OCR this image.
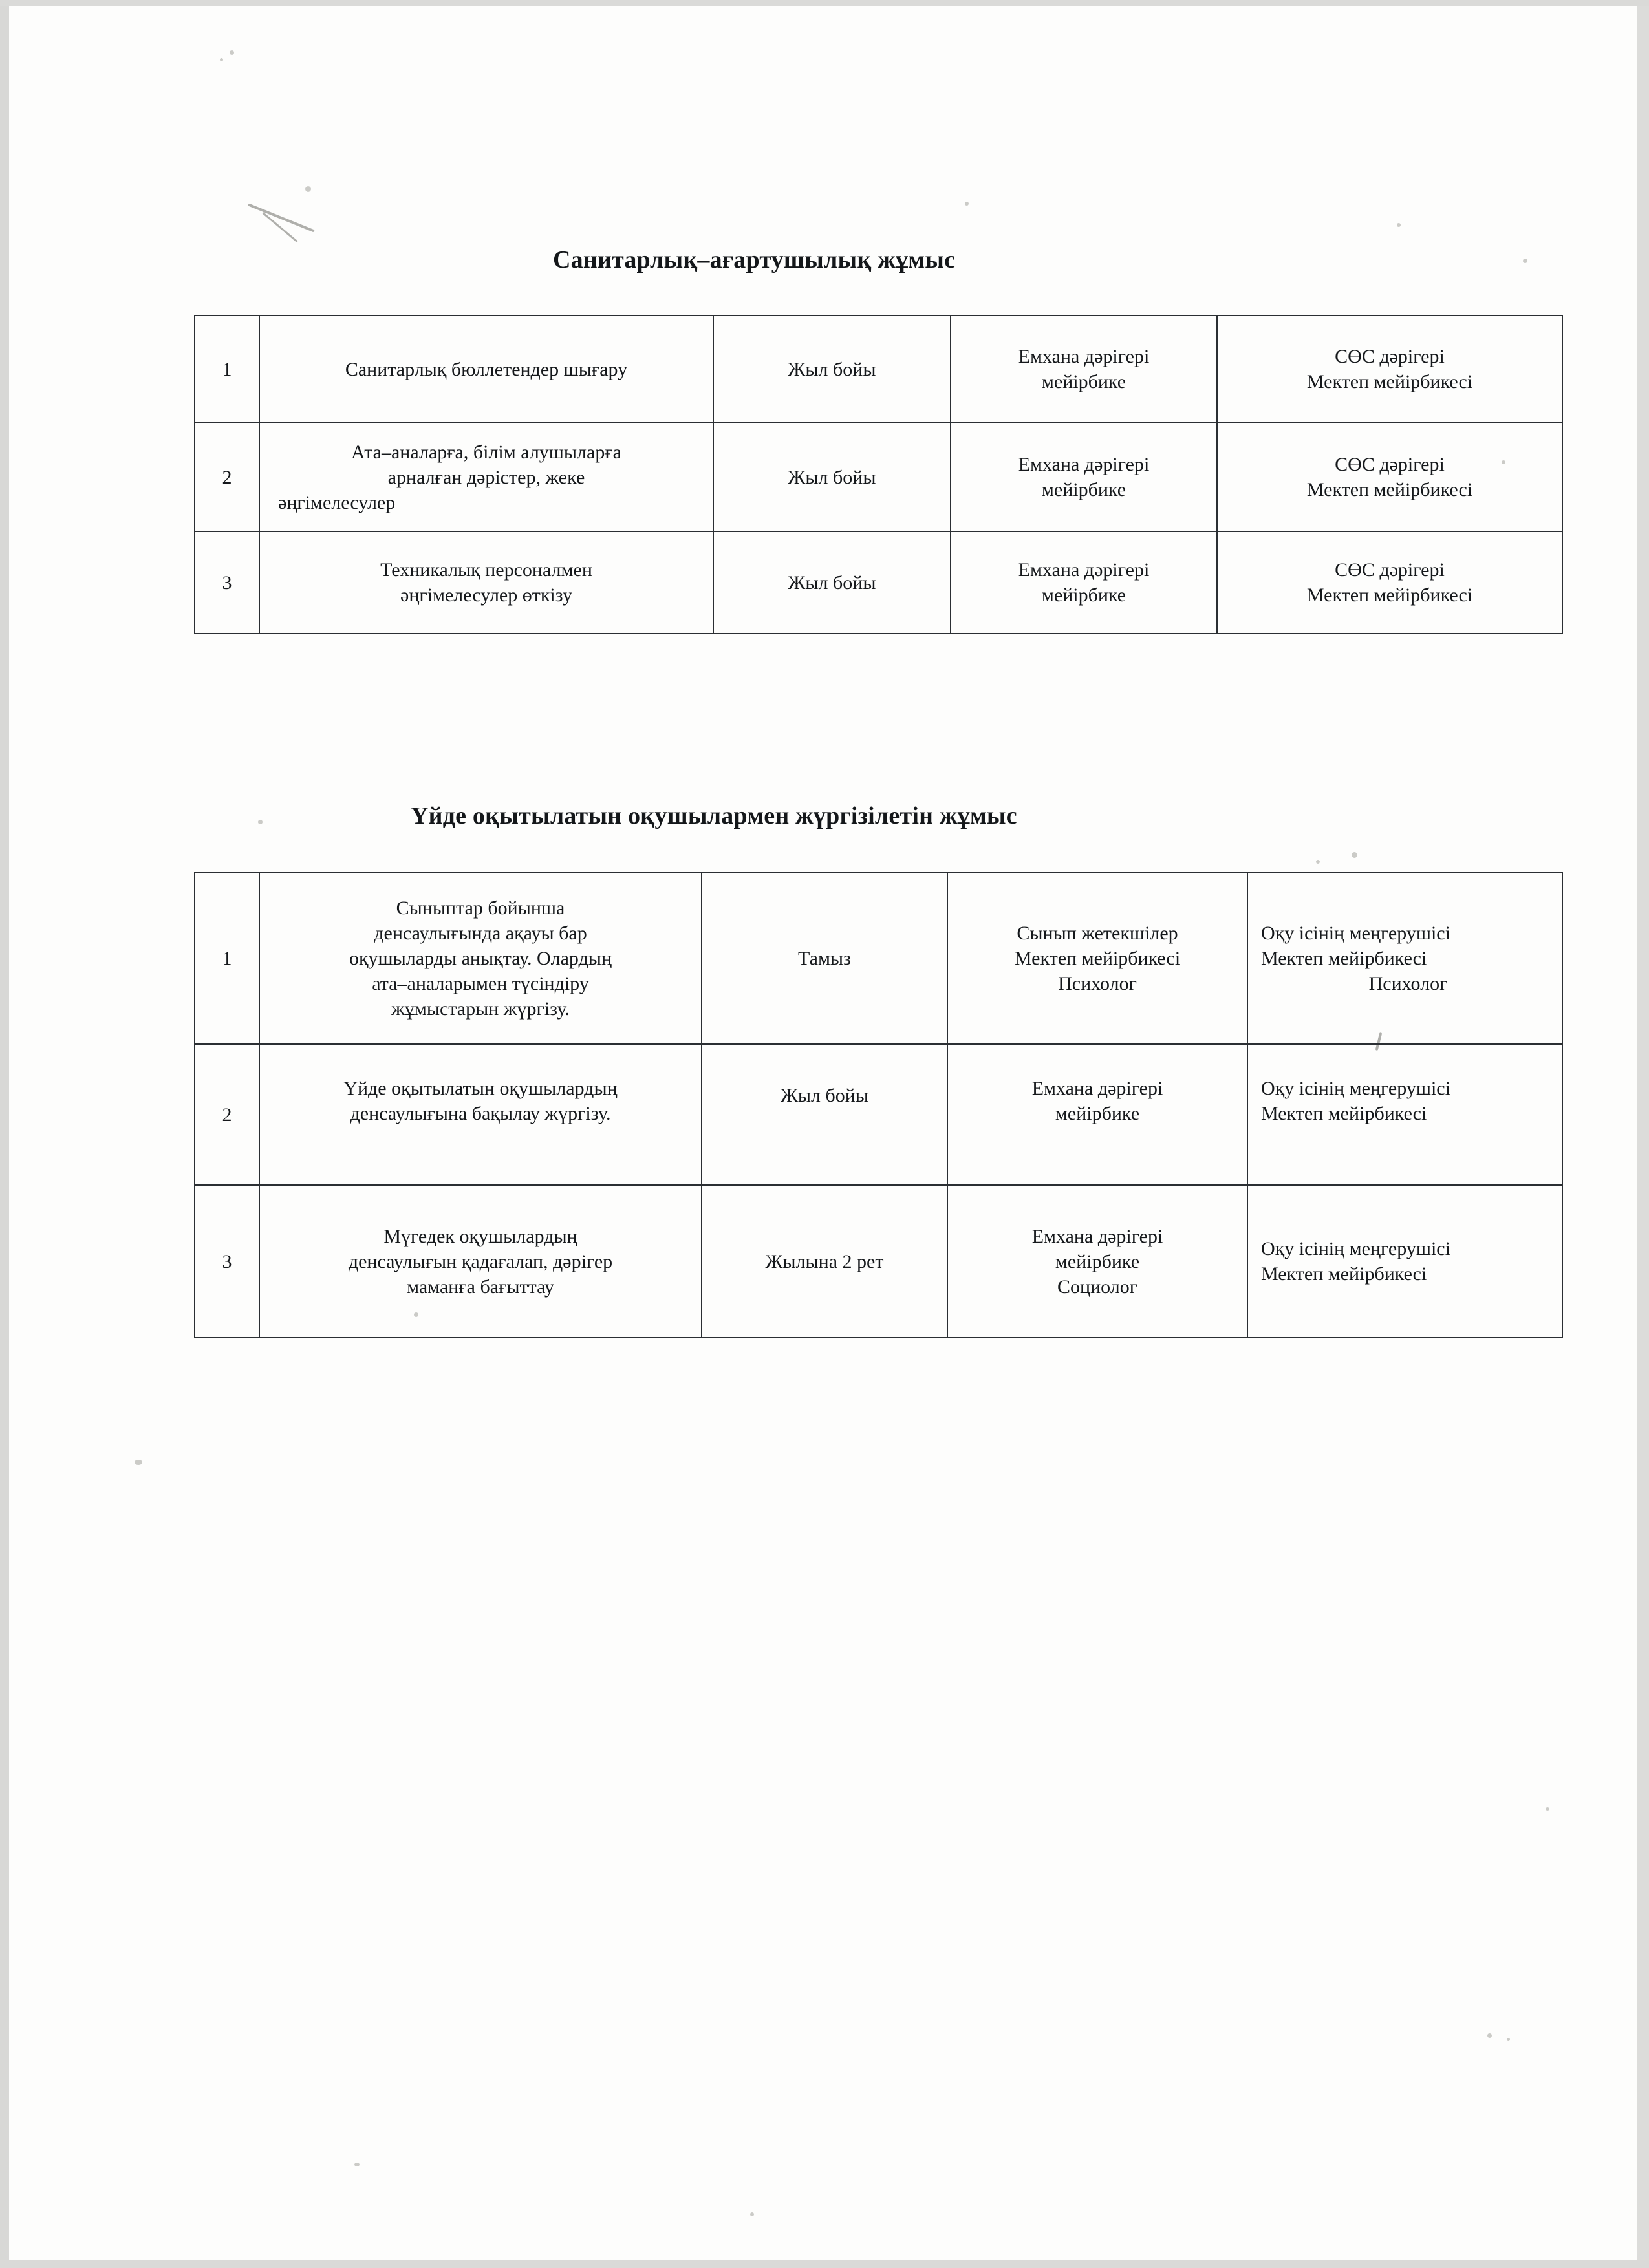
Санитарлық–ағартушылық жұмыс
1	Санитарлық бюллетендер шығару	Жыл бойы	Емхана дәрігері
мейірбике	СӨС дәрігері
Мектеп мейірбикесі

2	Ата–аналарға, білім алушыларға
арналған дәрістер, жеке
әңгімелесулер	Жыл бойы	Емхана дәрігері
мейірбике	СӨС дәрігері
Мектеп мейірбикесі

3	Техникалық персоналмен
әңгімелесулер өткізу	Жыл бойы	Емхана дәрігері
мейірбике	СӨС дәрігері
Мектеп мейірбикесі
Үйде оқытылатын оқушылармен жүргізілетін жұмыс
1	Сыныптар бойынша
денсаулығында ақауы бар
оқушыларды анықтау. Олардың
ата–аналарымен түсіндіру
жұмыстарын жүргізу.	Тамыз	Сынып жетекшілер
Мектеп мейірбикесі
Психолог	Оқу ісінің меңгерушісі
Мектеп мейірбикесі
Психолог

2	Үйде оқытылатын оқушылардың
денсаулығына бақылау жүргізу.	Жыл бойы	Емхана дәрігері
мейірбике	Оқу ісінің меңгерушісі
Мектеп мейірбикесі

3	Мүгедек оқушылардың
денсаулығын қадағалап, дәрігер
маманға бағыттау	Жылына 2 рет	Емхана дәрігері
мейірбике
Социолог	Оқу ісінің меңгерушісі
Мектеп мейірбикесі
